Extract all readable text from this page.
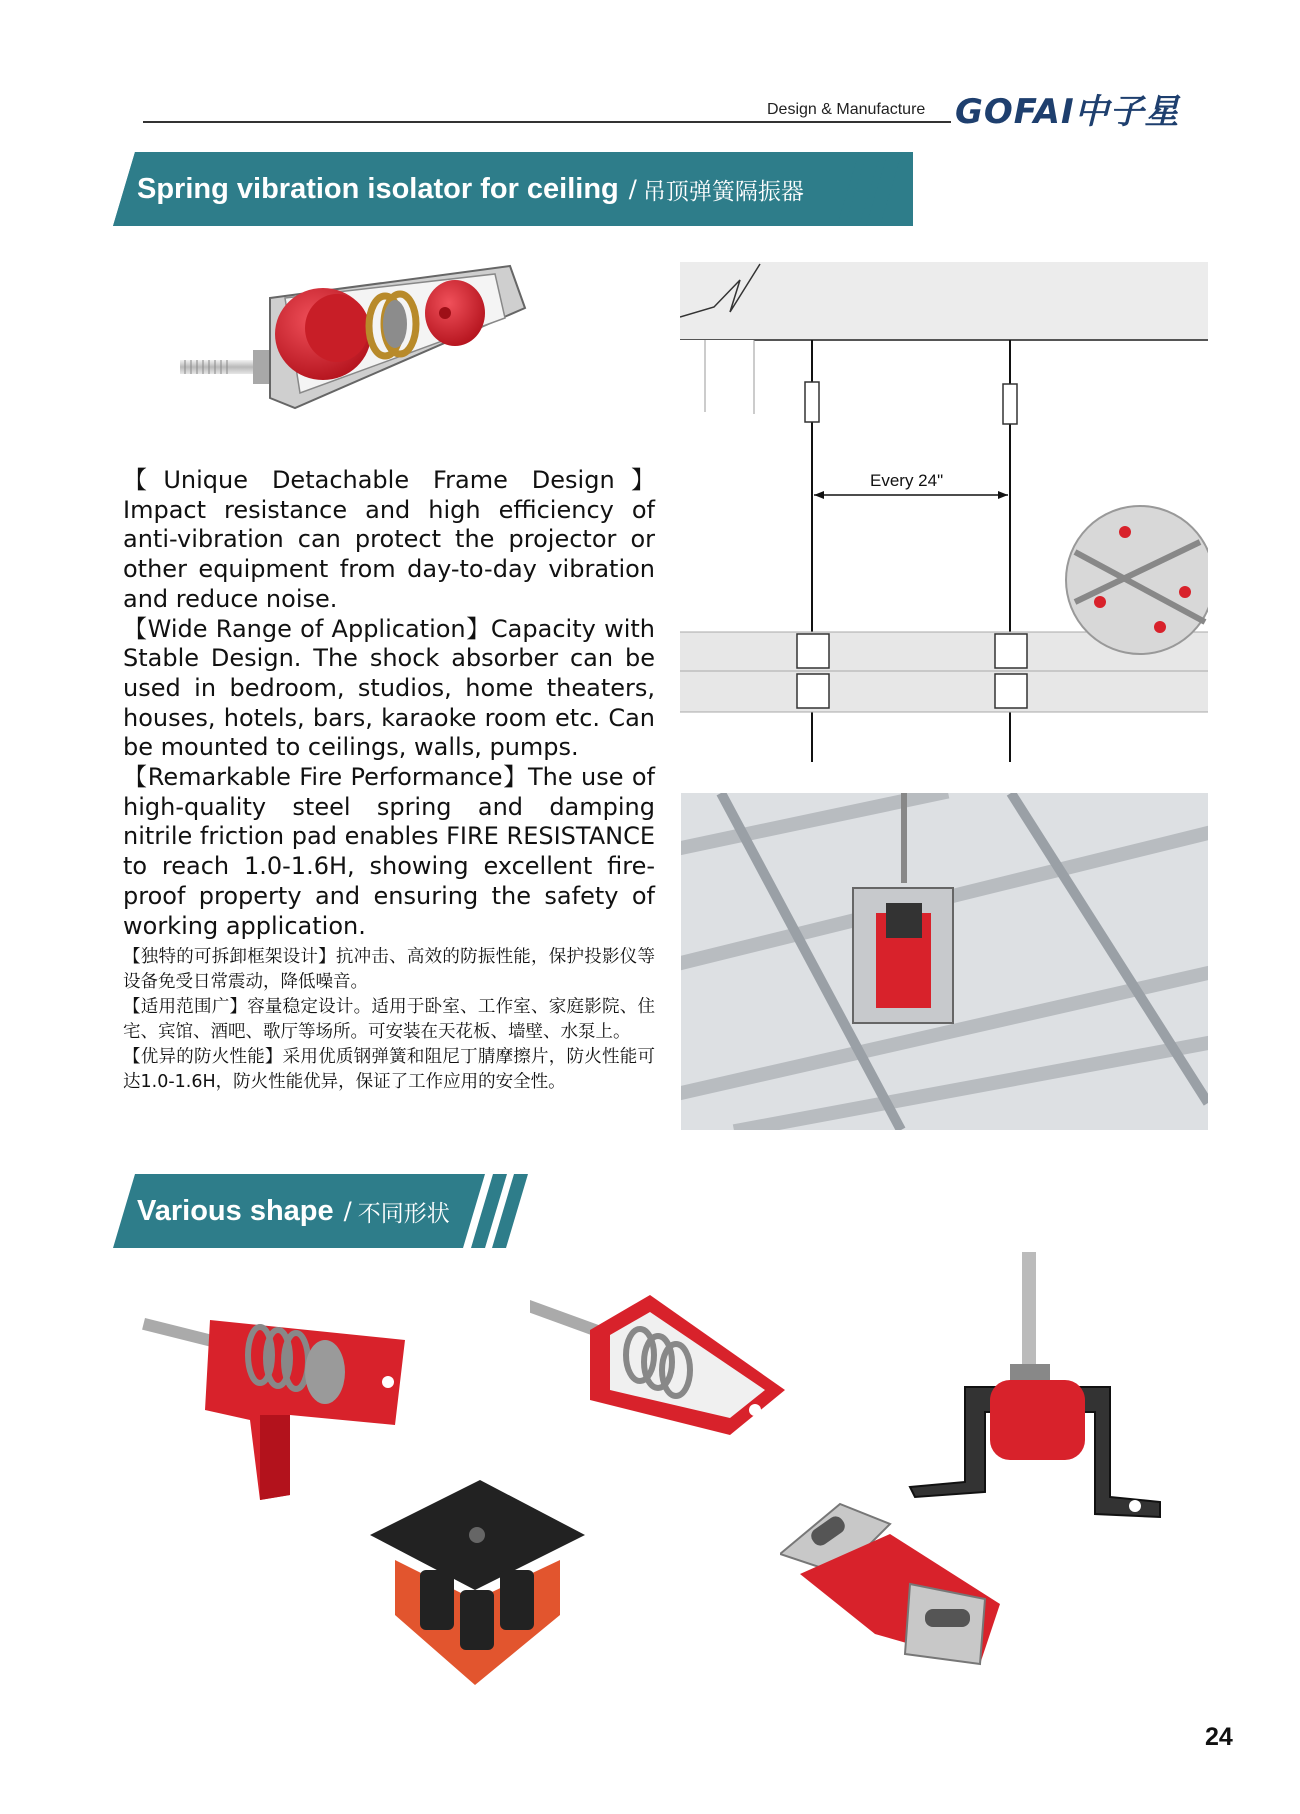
Design & Manufacture GOFAI中子星
Spring vibration isolator for ceiling / 吊顶弹簧隔振器
Every 24"

【Unique Detachable Frame Design】 Impact resistance and high efficiency of anti-vibration can protect the projector or other equipment from day-to-day vibration and reduce noise.

【Wide Range of Application】Capacity with Stable Design. The shock absorber can be used in bedroom, studios, home theaters, houses, hotels, bars, karaoke room etc. Can be mounted to ceilings, walls, pumps.

【Remarkable Fire Performance】The use of high-quality steel spring and damping nitrile friction pad enables FIRE RESISTANCE to reach 1.0-1.6H, showing excellent fire-proof property and ensuring the safety of working application.

【独特的可拆卸框架设计】抗冲击、高效的防振性能，保护投影仪等设备免受日常震动，降低噪音。

【适用范围广】容量稳定设计。适用于卧室、工作室、家庭影院、住宅、宾馆、酒吧、歌厅等场所。可安装在天花板、墙壁、水泵上。

【优异的防火性能】采用优质钢弹簧和阻尼丁腈摩擦片，防火性能可达1.0-1.6H，防火性能优异，保证了工作应用的安全性。

Various shape / 不同形状
24
